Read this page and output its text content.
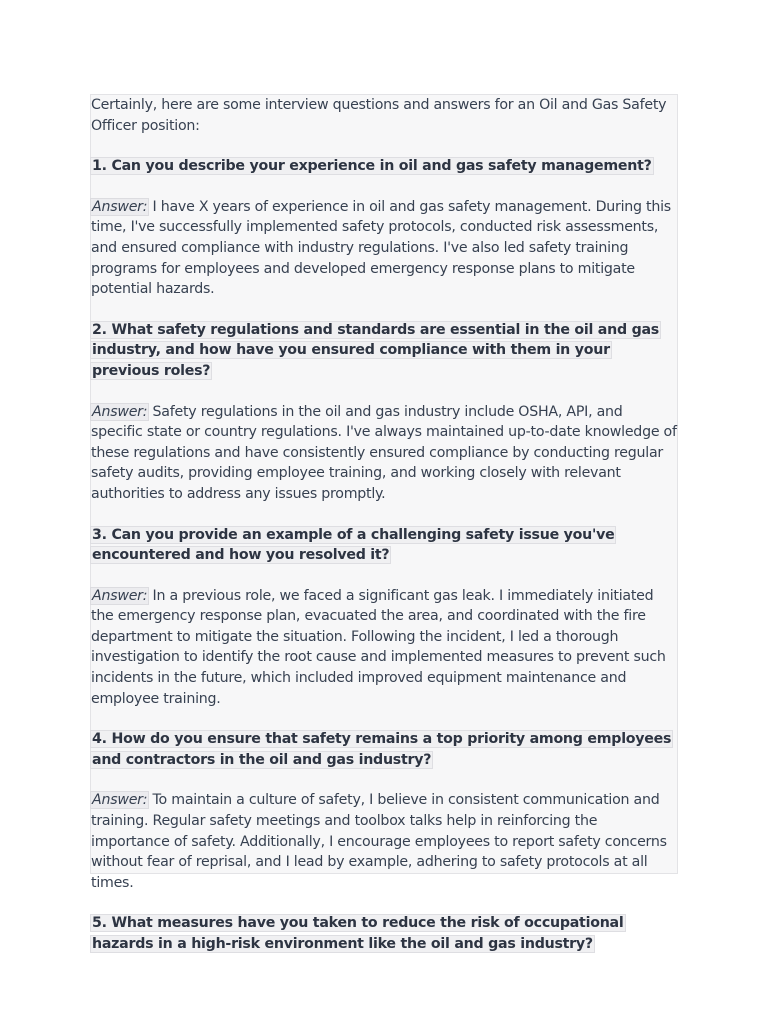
Certainly, here are some interview questions and answers for an Oil and Gas Safety Officer position:

1. Can you describe your experience in oil and gas safety management?

Answer: I have X years of experience in oil and gas safety management. During this time, I've successfully implemented safety protocols, conducted risk assessments, and ensured compliance with industry regulations. I've also led safety training programs for employees and developed emergency response plans to mitigate potential hazards.

2. What safety regulations and standards are essential in the oil and gas industry, and how have you ensured compliance with them in your previous roles?

Answer: Safety regulations in the oil and gas industry include OSHA, API, and specific state or country regulations. I've always maintained up-to-date knowledge of these regulations and have consistently ensured compliance by conducting regular safety audits, providing employee training, and working closely with relevant authorities to address any issues promptly.

3. Can you provide an example of a challenging safety issue you've encountered and how you resolved it?

Answer: In a previous role, we faced a significant gas leak. I immediately initiated the emergency response plan, evacuated the area, and coordinated with the fire department to mitigate the situation. Following the incident, I led a thorough investigation to identify the root cause and implemented measures to prevent such incidents in the future, which included improved equipment maintenance and employee training.

4. How do you ensure that safety remains a top priority among employees and contractors in the oil and gas industry?

Answer: To maintain a culture of safety, I believe in consistent communication and training. Regular safety meetings and toolbox talks help in reinforcing the importance of safety. Additionally, I encourage employees to report safety concerns without fear of reprisal, and I lead by example, adhering to safety protocols at all times.

5. What measures have you taken to reduce the risk of occupational hazards in a high-risk environment like the oil and gas industry?
